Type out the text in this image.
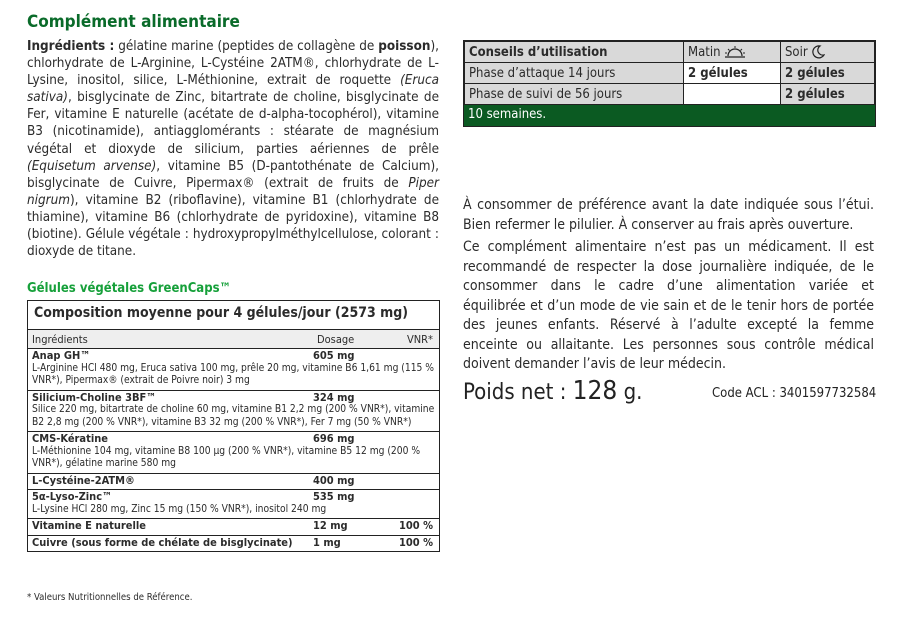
Complément alimentaire

Ingrédients : gélatine marine (peptides de collagène de poisson), chlorhydrate de L-Arginine, L-Cystéine 2ATM®, chlorhydrate de L-Lysine, inositol, silice, L-Méthionine, extrait de roquette (Eruca sativa), bisglycinate de Zinc, bitartrate de choline, bisglycinate de Fer, vitamine E naturelle (acétate de d-alpha-tocophérol), vitamine B3 (nicotinamide), antiagglomérants : stéarate de magnésium végétal et dioxyde de silicium, parties aériennes de prêle (Equisetum arvense), vitamine B5 (D-pantothénate de Calcium), bisglycinate de Cuivre, Pipermax® (extrait de fruits de Piper nigrum), vitamine B2 (riboflavine), vitamine B1 (chlorhydrate de thiamine), vitamine B6 (chlorhydrate de pyridoxine), vitamine B8 (biotine). Gélule végétale : hydroxypropylméthylcellulose, colorant : dioxyde de titane.

Gélules végétales GreenCaps™
Composition moyenne pour 4 gélules/jour (2573 mg)
Ingrédients	Dosage	VNR*
Anap GH™	605 mg
L-Arginine HCl 480 mg, Eruca sativa 100 mg, prêle 20 mg, vitamine B6 1,61 mg (115 % VNR*), Pipermax® (extrait de Poivre noir) 3 mg
Silicium-Choline 3BF™	324 mg
Silice 220 mg, bitartrate de choline 60 mg, vitamine B1 2,2 mg (200 % VNR*), vitamine B2 2,8 mg (200 % VNR*), vitamine B3 32 mg (200 % VNR*), Fer 7 mg (50 % VNR*)
CMS-Kératine	696 mg
L-Méthionine 104 mg, vitamine B8 100 µg (200 % VNR*), vitamine B5 12 mg (200 % VNR*), gélatine marine 580 mg
L-Cystéine-2ATM®	400 mg
5α-Lyso-Zinc™	535 mg
L-Lysine HCl 280 mg, Zinc 15 mg (150 % VNR*), inositol 240 mg
Vitamine E naturelle	12 mg	100 %
Cuivre (sous forme de chélate de bisglycinate)	1 mg	100 %
* Valeurs Nutritionnelles de Référence.
Conseils d’utilisation	Matin	Soir
Phase d’attaque 14 jours	2 gélules	2 gélules
Phase de suivi de 56 jours		2 gélules
10 semaines.

À consommer de préférence avant la date indiquée sous l’étui. Bien refermer le pilulier. À conserver au frais après ouverture.

Ce complément alimentaire n’est pas un médicament. Il est recommandé de respecter la dose journalière indiquée, de le consommer dans le cadre d’une alimentation variée et équilibrée et d’un mode de vie sain et de le tenir hors de portée des jeunes enfants. Réservé à l’adulte excepté la femme enceinte ou allaitante. Les personnes sous contrôle médical doivent demander l’avis de leur médecin.

Poids net : 128 g.	Code ACL : 3401597732584
